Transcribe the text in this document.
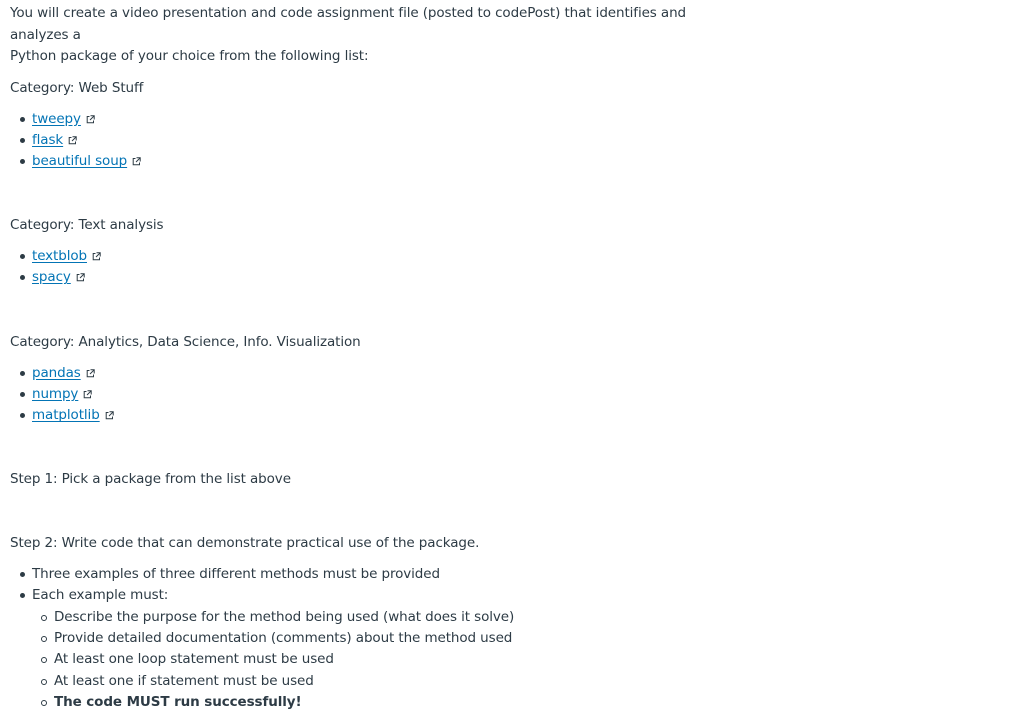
You will create a video presentation and code assignment file (posted to codePost) that identifies and analyzes a
Python package of your choice from the following list:

Category: Web Stuff

tweepy
flask
beautiful soup

Category: Text analysis

textblob
spacy

Category: Analytics, Data Science, Info. Visualization

pandas
numpy
matplotlib

Step 1: Pick a package from the list above

Step 2: Write code that can demonstrate practical use of the package.

Three examples of three different methods must be provided
Each example must:
Describe the purpose for the method being used (what does it solve)
Provide detailed documentation (comments) about the method used
At least one loop statement must be used
At least one if statement must be used
The code MUST run successfully!
